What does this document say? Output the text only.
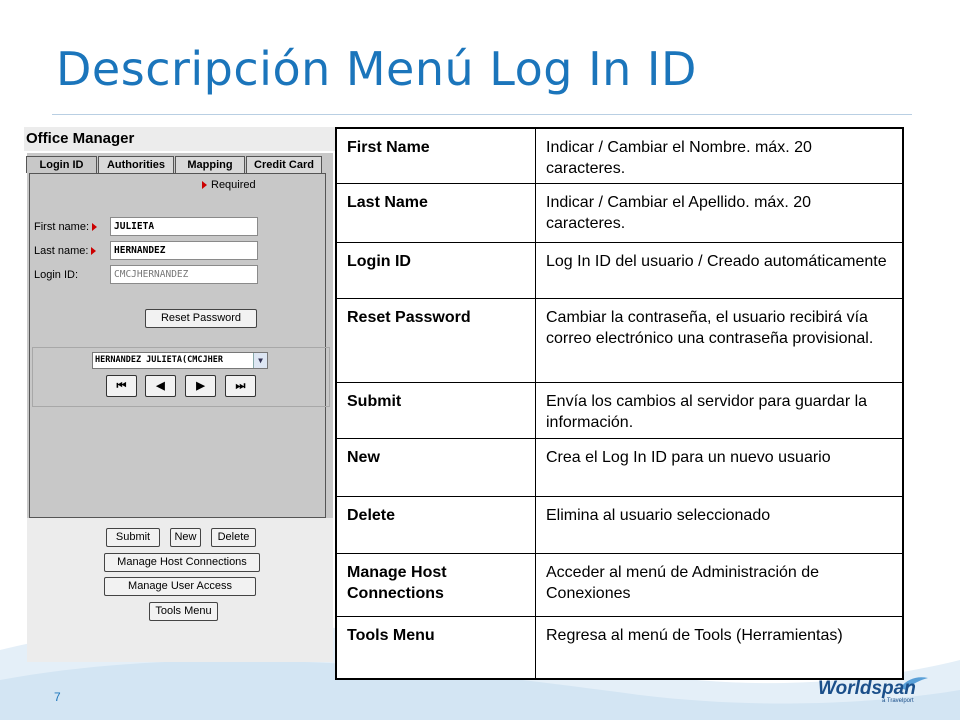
Descripción Menú Log In ID
Office Manager
Login ID	Authorities	Mapping	Credit Card
Required
First name:	JULIETA
Last name:	HERNANDEZ
Login ID:	CMCJHERNANDEZ
Reset Password
HERNANDEZ JULIETA(CMCJHER	▼
⏮	◀	▶	⏭
Submit	New	Delete
Manage Host Connections
Manage User Access
Tools Menu
First Name	Indicar / Cambiar el Nombre. máx. 20 caracteres.
Last Name	Indicar / Cambiar el Apellido. máx. 20 caracteres.
Login ID	Log In ID del usuario / Creado automáticamente
Reset Password	Cambiar la contraseña, el usuario recibirá vía correo electrónico una contraseña provisional.
Submit	Envía los cambios al servidor para guardar la información.
New	Crea el Log In ID para un nuevo usuario
Delete	Elimina al usuario seleccionado
Manage Host Connections	Acceder al menú de Administración de Conexiones
Tools Menu	Regresa al menú de Tools (Herramientas)
7	Worldspan
a Travelport
